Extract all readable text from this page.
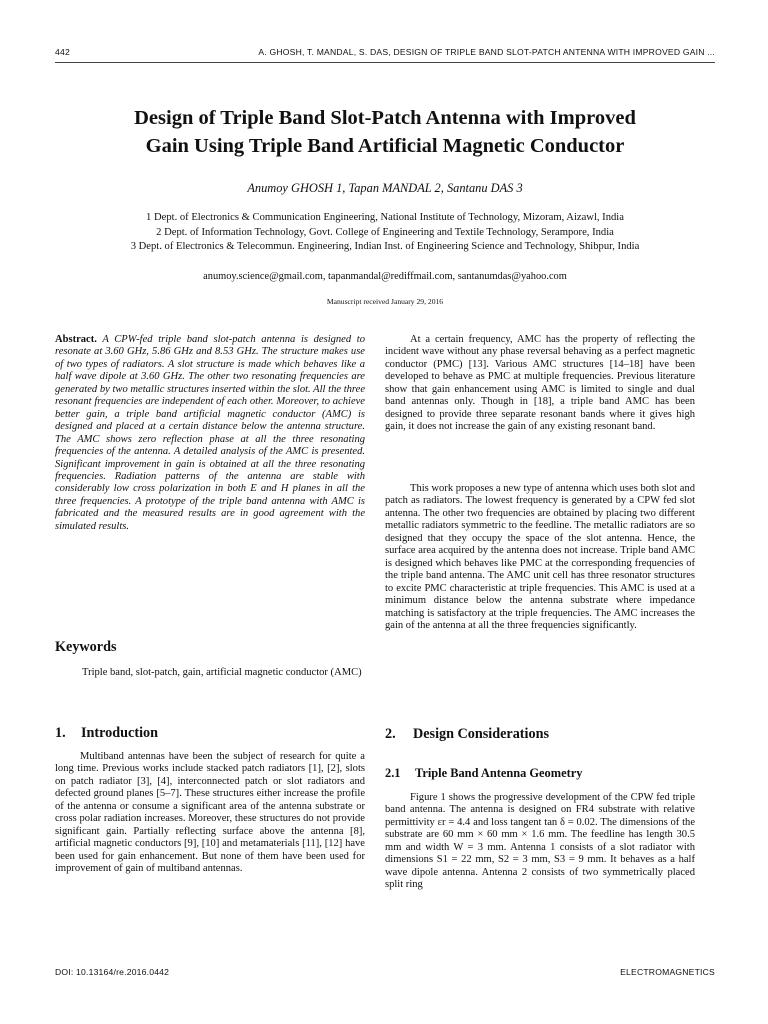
442	A. GHOSH, T. MANDAL, S. DAS, DESIGN OF TRIPLE BAND SLOT-PATCH ANTENNA WITH IMPROVED GAIN ...
Design of Triple Band Slot-Patch Antenna with Improved
Gain Using Triple Band Artificial Magnetic Conductor
Anumoy GHOSH 1, Tapan MANDAL 2, Santanu DAS 3
1 Dept. of Electronics & Communication Engineering, National Institute of Technology, Mizoram, Aizawl, India
2 Dept. of Information Technology, Govt. College of Engineering and Textile Technology, Serampore, India
3 Dept. of Electronics & Telecommun. Engineering, Indian Inst. of Engineering Science and Technology, Shibpur, India
anumoy.science@gmail.com, tapanmandal@rediffmail.com, santanumdas@yahoo.com
Manuscript received January 29, 2016

Abstract. A CPW-fed triple band slot-patch antenna is designed to resonate at 3.60 GHz, 5.86 GHz and 8.53 GHz. The structure makes use of two types of radiators. A slot structure is made which behaves like a half wave dipole at 3.60 GHz. The other two resonating frequencies are generated by two metallic structures inserted within the slot. All the three resonant frequencies are independent of each other. Moreover, to achieve better gain, a triple band artificial magnetic conductor (AMC) is designed and placed at a certain distance below the antenna structure. The AMC shows zero reflection phase at all the three resonating frequencies of the antenna. A detailed analysis of the AMC is presented. Significant improvement in gain is obtained at all the three resonating frequencies. Radiation patterns of the antenna are stable with considerably low cross polarization in both E and H planes in all the three frequencies. A prototype of the triple band antenna with AMC is fabricated and the measured results are in good agreement with the simulated results.

Keywords
Triple band, slot-patch, gain, artificial magnetic conductor (AMC)
1. Introduction

Multiband antennas have been the subject of research for quite a long time. Previous works include stacked patch radiators [1], [2], slots on patch radiator [3], [4], interconnected patch or slot radiators and defected ground planes [5–7]. These structures either increase the profile of the antenna or consume a significant area of the antenna substrate or cross polar radiation increases. Moreover, these structures do not provide significant gain. Partially reflecting surface above the antenna [8], artificial magnetic conductors [9], [10] and metamaterials [11], [12] have been used for gain enhancement. But none of them have been used for improvement of gain of multiband antennas.

At a certain frequency, AMC has the property of reflecting the incident wave without any phase reversal behaving as a perfect magnetic conductor (PMC) [13]. Various AMC structures [14–18] have been developed to behave as PMC at multiple frequencies. Previous literature show that gain enhancement using AMC is limited to single and dual band antennas only. Though in [18], a triple band AMC has been designed to provide three separate resonant bands where it gives high gain, it does not increase the gain of any existing resonant band.

This work proposes a new type of antenna which uses both slot and patch as radiators. The lowest frequency is generated by a CPW fed slot antenna. The other two frequencies are obtained by placing two different metallic radiators symmetric to the feedline. The metallic radiators are so designed that they occupy the space of the slot antenna. Hence, the surface area acquired by the antenna does not increase. Triple band AMC is designed which behaves like PMC at the corresponding frequencies of the triple band antenna. The AMC unit cell has three resonator structures to excite PMC characteristic at triple frequencies. This AMC is used at a minimum distance below the antenna substrate where impedance matching is satisfactory at the triple frequencies. The AMC increases the gain of the antenna at all the three frequencies significantly.

2. Design Considerations
2.1 Triple Band Antenna Geometry

Figure 1 shows the progressive development of the CPW fed triple band antenna. The antenna is designed on FR4 substrate with relative permittivity εr = 4.4 and loss tangent tan δ = 0.02. The dimensions of the substrate are 60 mm × 60 mm × 1.6 mm. The feedline has length 30.5 mm and width W = 3 mm. Antenna 1 consists of a slot radiator with dimensions S1 = 22 mm, S2 = 3 mm, S3 = 9 mm. It behaves as a half wave dipole antenna. Antenna 2 consists of two symmetrically placed split ring

DOI: 10.13164/re.2016.0442	ELECTROMAGNETICS
